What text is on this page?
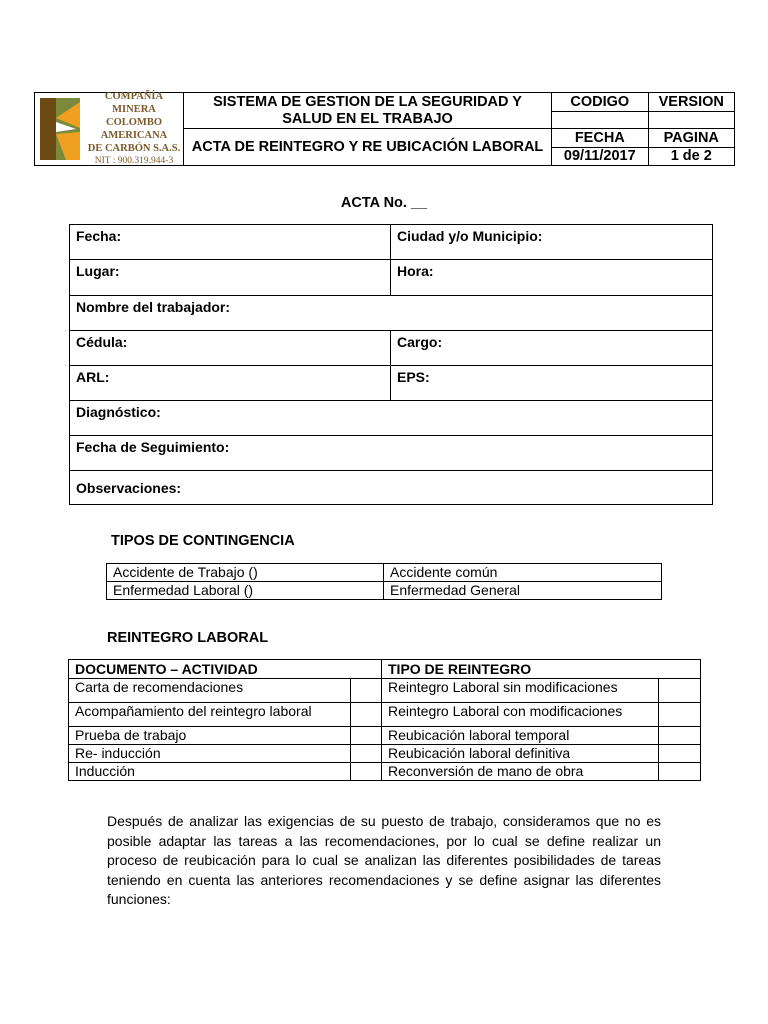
COMPAÑÍA MINERA
COLOMBO AMERICANA
DE CARBÓN S.A.S.
NIT : 900.319.944-3	SISTEMA DE GESTION DE LA SEGURIDAD Y SALUD EN EL TRABAJO	CODIGO	VERSION

	ACTA DE REINTEGRO Y RE UBICACIÓN LABORAL	FECHA	PAGINA
		09/11/2017	1 de 2
ACTA No. __
Fecha:	Ciudad y/o Municipio:
Lugar:	Hora:
Nombre del trabajador:	
Cédula:	Cargo:
ARL:	EPS:
Diagnóstico:	
Fecha de Seguimiento:	
Observaciones:	
TIPOS DE CONTINGENCIA
Accidente de Trabajo ()	Accidente común
Enfermedad Laboral ()	Enfermedad General
REINTEGRO LABORAL
DOCUMENTO – ACTIVIDAD		TIPO DE REINTEGRO	
Carta de recomendaciones		Reintegro Laboral sin modificaciones	
Acompañamiento del reintegro laboral		Reintegro Laboral con modificaciones	
Prueba de trabajo		Reubicación laboral temporal	
Re- inducción		Reubicación laboral definitiva	
Inducción		Reconversión de mano de obra	
Después de analizar las exigencias de su puesto de trabajo, consideramos que no es posible adaptar las tareas a las recomendaciones, por lo cual se define realizar un proceso de reubicación para lo cual se analizan las diferentes posibilidades de tareas teniendo en cuenta las anteriores recomendaciones y se define asignar las diferentes funciones:
